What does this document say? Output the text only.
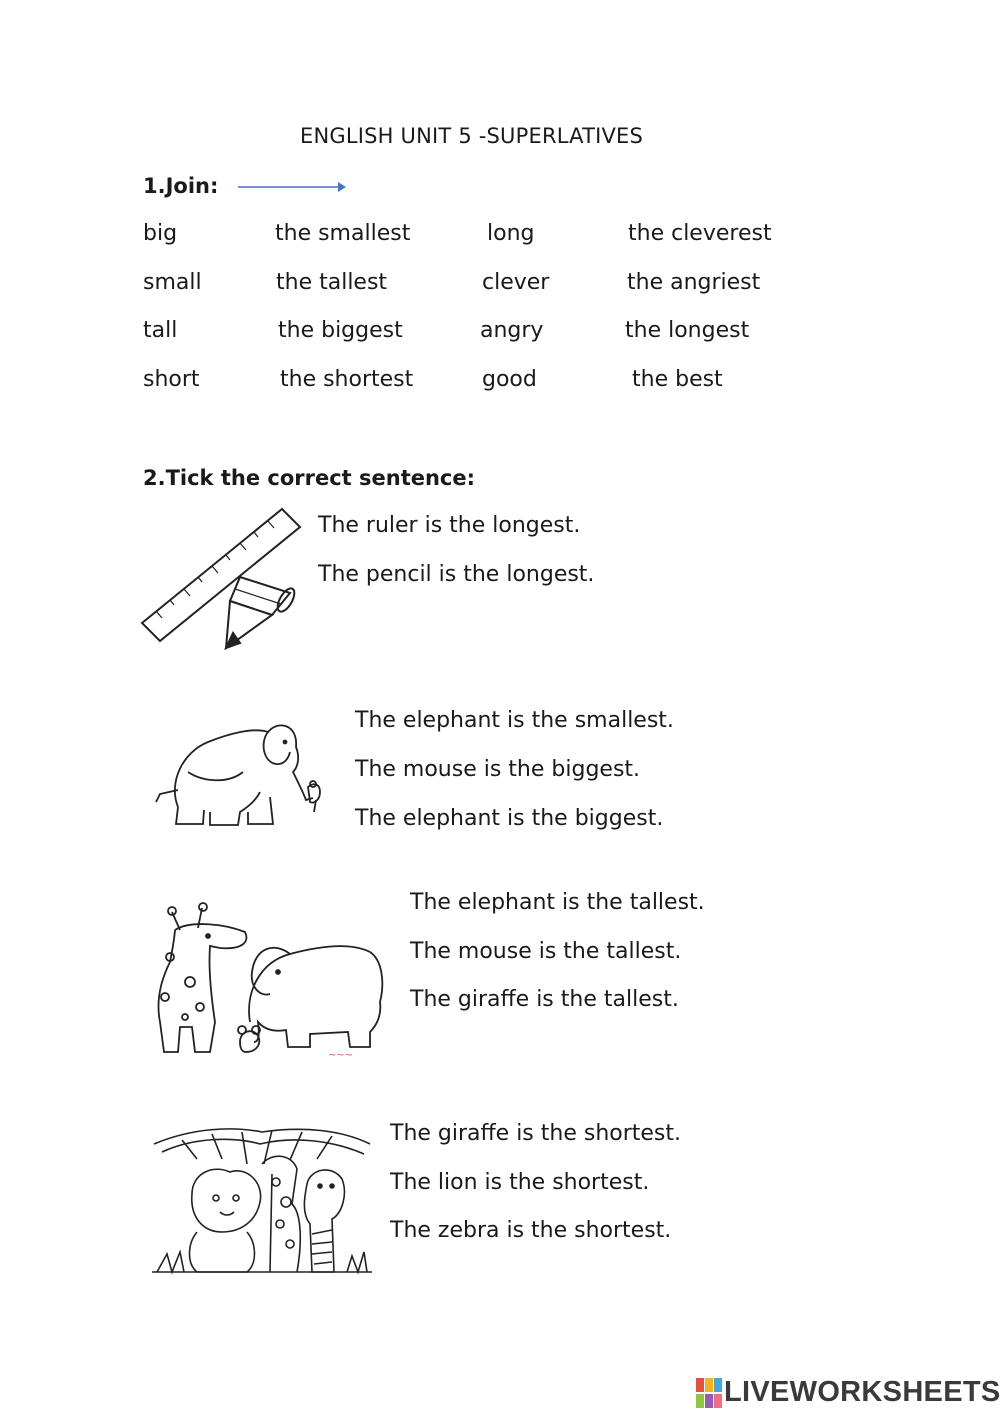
ENGLISH UNIT 5 -SUPERLATIVES
1.Join:
big	the smallest	long	the cleverest
small	the tallest	clever	the angriest
tall	the biggest	angry	the longest
short	the shortest	good	the best
2.Tick the correct sentence:
The ruler is the longest.
The pencil is the longest.
The elephant is the smallest.
The mouse is the biggest.
The elephant is the biggest.
~~~
The elephant is the tallest.
The mouse is the tallest.
The giraffe is the tallest.
The giraffe is the shortest.
The lion is the shortest.
The zebra is the shortest.
LIVEWORKSHEETS
